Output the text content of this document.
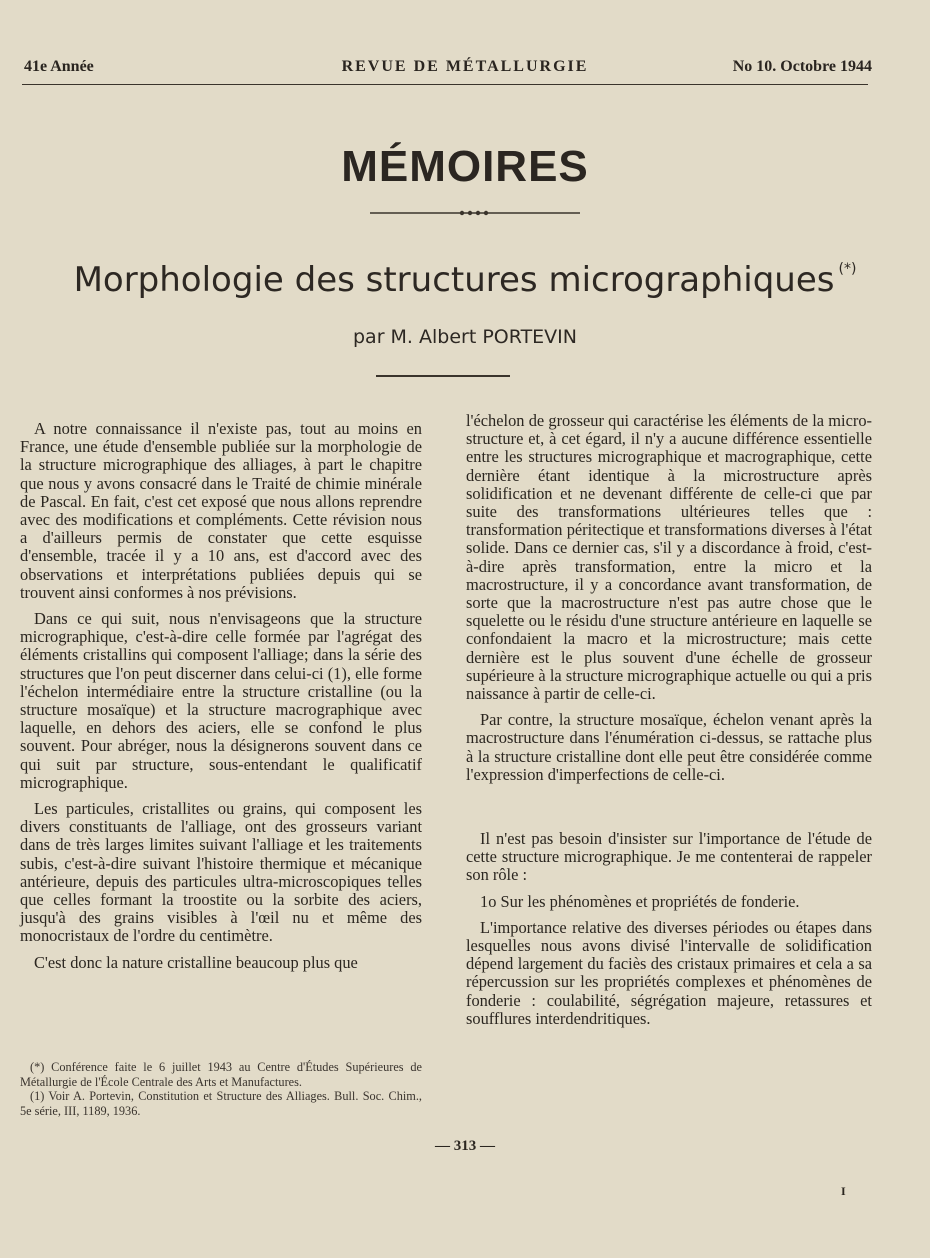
41e Année	REVUE DE MÉTALLURGIE	No 10. Octobre 1944
MÉMOIRES
Morphologie des structures micrographiques (*)
par M. Albert PORTEVIN

A notre connaissance il n'existe pas, tout au moins en France, une étude d'ensemble publiée sur la morphologie de la structure micrographique des alliages, à part le chapitre que nous y avons consacré dans le Traité de chimie minérale de Pascal. En fait, c'est cet exposé que nous allons reprendre avec des modifications et compléments. Cette révision nous a d'ailleurs permis de constater que cette esquisse d'ensemble, tracée il y a 10 ans, est d'accord avec des observations et interprétations publiées depuis qui se trouvent ainsi conformes à nos prévisions.

Dans ce qui suit, nous n'envisageons que la structure micrographique, c'est-à-dire celle formée par l'agrégat des éléments cristallins qui composent l'alliage; dans la série des structures que l'on peut discerner dans celui-ci (1), elle forme l'échelon intermédiaire entre la structure cristalline (ou la structure mosaïque) et la structure macrographique avec laquelle, en dehors des aciers, elle se confond le plus souvent. Pour abréger, nous la désignerons souvent dans ce qui suit par structure, sous-entendant le qualificatif micrographique.

Les particules, cristallites ou grains, qui composent les divers constituants de l'alliage, ont des grosseurs variant dans de très larges limites suivant l'alliage et les traitements subis, c'est-à-dire suivant l'histoire thermique et mécanique antérieure, depuis des particules ultra-microscopiques telles que celles formant la troostite ou la sorbite des aciers, jusqu'à des grains visibles à l'œil nu et même des monocristaux de l'ordre du centimètre.

C'est donc la nature cristalline beaucoup plus que

(*) Conférence faite le 6 juillet 1943 au Centre d'Études Supérieures de Métallurgie de l'École Centrale des Arts et Manufactures.
(1) Voir A. Portevin, Constitution et Structure des Alliages. Bull. Soc. Chim., 5e série, III, 1189, 1936.

l'échelon de grosseur qui caractérise les éléments de la micro-structure et, à cet égard, il n'y a aucune différence essentielle entre les structures micrographique et macrographique, cette dernière étant identique à la microstructure après solidification et ne devenant différente de celle-ci que par suite des transformations ultérieures telles que : transformation péritectique et transformations diverses à l'état solide. Dans ce dernier cas, s'il y a discordance à froid, c'est-à-dire après transformation, entre la micro et la macrostructure, il y a concordance avant transformation, de sorte que la macrostructure n'est pas autre chose que le squelette ou le résidu d'une structure antérieure en laquelle se confondaient la macro et la microstructure; mais cette dernière est le plus souvent d'une échelle de grosseur supérieure à la structure micrographique actuelle ou qui a pris naissance à partir de celle-ci.

Par contre, la structure mosaïque, échelon venant après la macrostructure dans l'énumération ci-dessus, se rattache plus à la structure cristalline dont elle peut être considérée comme l'expression d'imperfections de celle-ci.

Il n'est pas besoin d'insister sur l'importance de l'étude de cette structure micrographique. Je me contenterai de rappeler son rôle :

1o Sur les phénomènes et propriétés de fonderie.

L'importance relative des diverses périodes ou étapes dans lesquelles nous avons divisé l'intervalle de solidification dépend largement du faciès des cristaux primaires et cela a sa répercussion sur les propriétés complexes et phénomènes de fonderie : coulabilité, ségrégation majeure, retassures et soufflures interdendritiques.

— 313 —
I
